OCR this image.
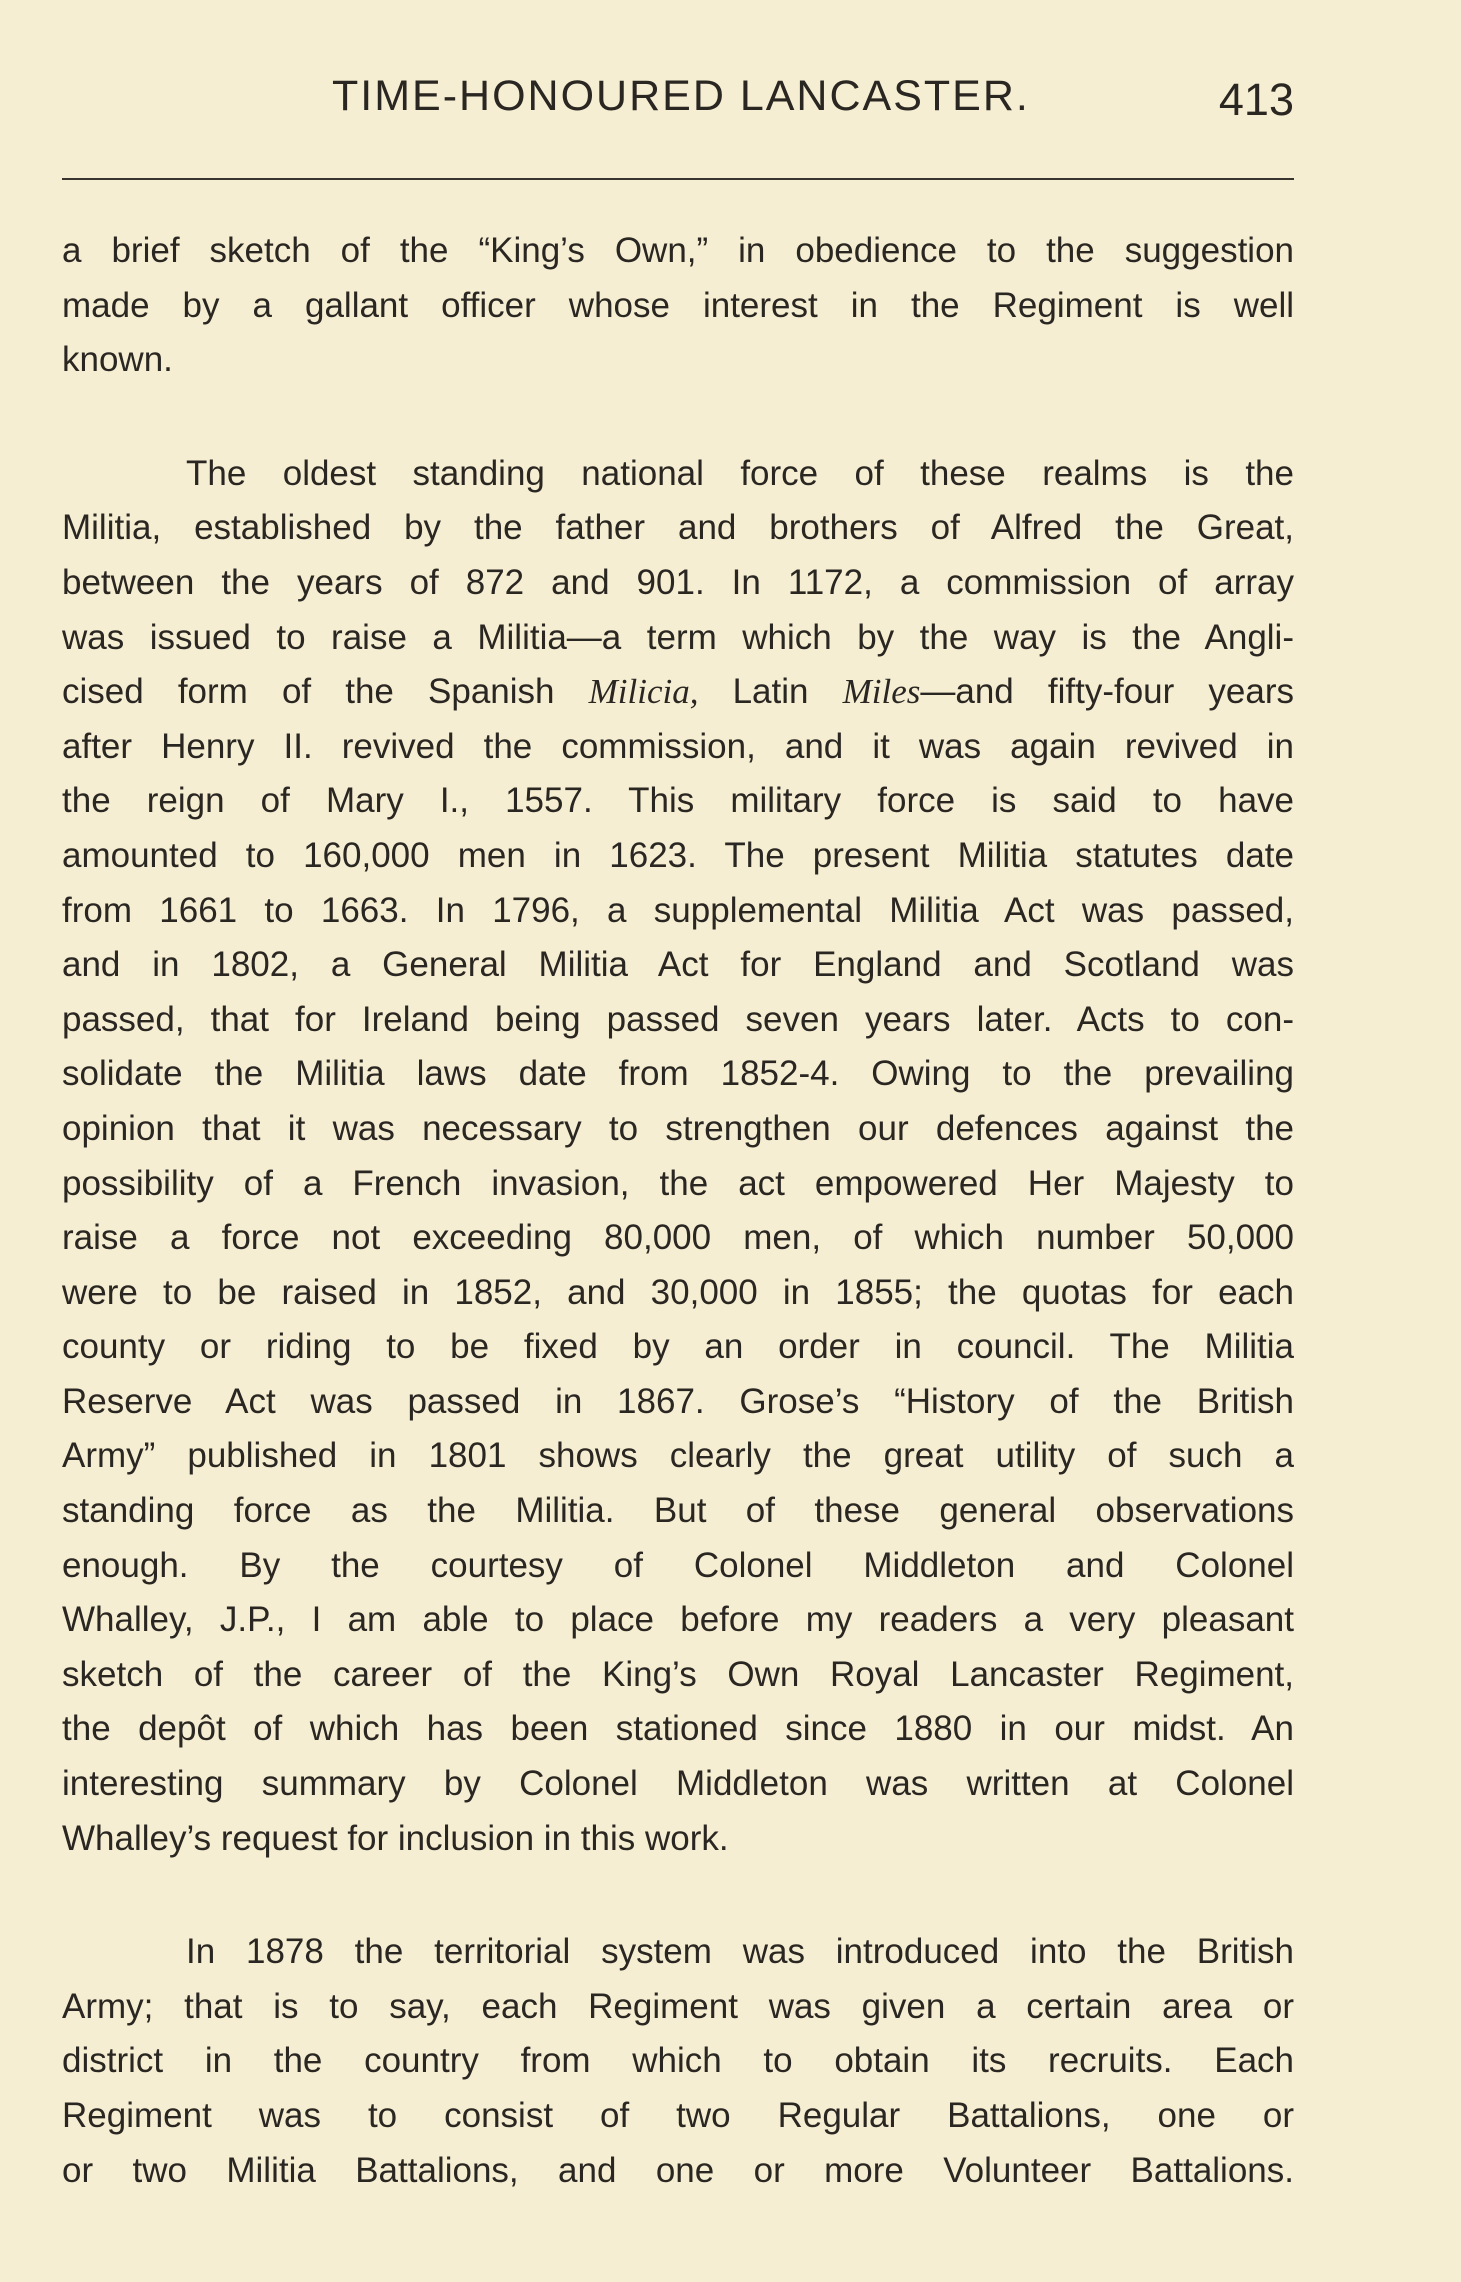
TIME-HONOURED LANCASTER.	413
a brief sketch of the “King’s Own,” in obedience to the suggestion
made by a gallant officer whose interest in the Regiment is well
known.
The oldest standing national force of these realms is the
Militia, established by the father and brothers of Alfred the Great,
between the years of 872 and 901. In 1172, a commission of array
was issued to raise a Militia—a term which by the way is the Angli-
cised form of the Spanish Milicia, Latin Miles—and fifty-four years
after Henry II. revived the commission, and it was again revived in
the reign of Mary I., 1557. This military force is said to have
amounted to 160,000 men in 1623. The present Militia statutes date
from 1661 to 1663. In 1796, a supplemental Militia Act was passed,
and in 1802, a General Militia Act for England and Scotland was
passed, that for Ireland being passed seven years later. Acts to con-
solidate the Militia laws date from 1852-4. Owing to the prevailing
opinion that it was necessary to strengthen our defences against the
possibility of a French invasion, the act empowered Her Majesty to
raise a force not exceeding 80,000 men, of which number 50,000
were to be raised in 1852, and 30,000 in 1855; the quotas for each
county or riding to be fixed by an order in council. The Militia
Reserve Act was passed in 1867. Grose’s “History of the British
Army” published in 1801 shows clearly the great utility of such a
standing force as the Militia. But of these general observations
enough. By the courtesy of Colonel Middleton and Colonel
Whalley, J.P., I am able to place before my readers a very pleasant
sketch of the career of the King’s Own Royal Lancaster Regiment,
the depôt of which has been stationed since 1880 in our midst. An
interesting summary by Colonel Middleton was written at Colonel
Whalley’s request for inclusion in this work.
In 1878 the territorial system was introduced into the British
Army; that is to say, each Regiment was given a certain area or
district in the country from which to obtain its recruits. Each
Regiment was to consist of two Regular Battalions, one or
or two Militia Battalions, and one or more Volunteer Battalions.
